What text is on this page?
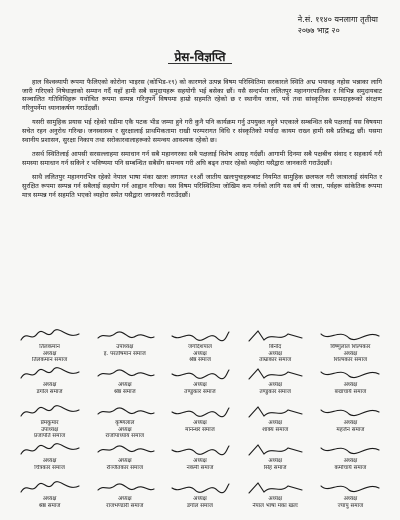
ने.सं. ११४० यनलागा तृतीया
२०७७ भाद्र २०
प्रेस-विज्ञप्ति

हाल विश्वव्यापी रूपमा फैलिएको कोरोना भाइरस (कोभिड-१९) को कारणले उत्पन्न विषम परिस्थितिमा सरकारले स्थिति अभ्र भयावह नहोस भन्नाका लागि जारी गरिएको निषेधाज्ञाको सम्मान गर्दै यहाँ हामी सबै समुदायहरू सहयोगी भई बसेका छौं। यसै सन्दर्भमा ललितपुर महानगरपालिका र विभिन्न समुदायबाट सञ्चालित गतिविधिहरू यथोचित रूपमा सम्पन्न गरिनुपर्ने विषयमा हाम्रो सहमति रहेको छ र स्थानीय जात्रा, पर्व तथा सांस्कृतिक सम्पदाहरूको संरक्षण गरिनुपर्नेमा ध्यानाकर्षण गराउँदछौं।

यसरी सामुहिक प्रयास भई रहेको घडीमा एकै पटक भीड जम्मा हुने गरी कुनै पनि कार्यक्रम गर्नु उपयुक्त नहुने भएकाले सम्बन्धित सबै पक्षलाई यस विषयमा सचेत रहन अनुरोध गरिन्छ। जनस्वास्थ्य र सुरक्षालाई प्राथमिकतामा राखी परम्परागत विधि र संस्कृतिको मर्यादा कायम राख्न हामी सबै प्रतिबद्ध छौं। यसमा स्थानीय प्रशासन, सुरक्षा निकाय तथा सरोकारवालाहरूको समन्वय आवश्यक रहेको छ।

तसर्थ स्थितिलाई आपसी सरसल्लाहमा समाधान गर्न सबै महानगरका सबै पक्षलाई विशेष आग्रह गर्दछौं। आगामी दिनमा सबै पक्षबीच संवाद र सहकार्य गरी समस्या समाधान गर्न सकिने र भविष्यमा पनि सम्बन्धित सबैसँग समन्वय गरी अघि बढ्न तयार रहेको व्यहोरा यसैद्वारा जानकारी गराउँदछौं।

साथै ललितपुर महानगरभित्र रहेको नेपाल भाषा मंका खःलः लगायत ११औं जातीय खलःपुचःहरूबाट नियमित सामुहिक छलफल गरी जात्रालाई संयमित र सुरक्षित रूपमा सम्पन्न गर्न सबैलाई सहयोग गर्न आह्वान गरिन्छ। यस विषम परिस्थितिमा जोखिम कम गर्नको लागि यस वर्ष यी जात्रा, पर्वहरू सांकेतिक रूपमा मात्र सम्पन्न गर्न सहमति भएको व्यहोरा समेत यसैद्वारा जानकारी गराउँदछौं।

तिलकमान
अध्यक्ष
तिलकमान समाज
उपाध्यक्ष
इ. परतोषमान समाज
जगदिशपाल
अध्यक्ष
श्रेष्ठ समाज
बिनोद
अध्यक्ष
ताम्राकार समाज
विष्णुलाल शिल्पकार
अध्यक्ष
शिल्पकार समाज
अध्यक्ष
डंगोल समाज
अध्यक्ष
श्रेष्ठ समाज
अध्यक्ष
तण्डुकार समाज
अध्यक्ष
तण्डुकार समाज
अध्यक्ष
बज्राचार्य समाज
प्रेमकुमार
उपाध्यक्ष
प्रजापति समाज
कृष्णलाल
अध्यक्ष
राजोपाध्याय समाज
अध्यक्ष
मानन्धर समाज
अध्यक्ष
शाक्य समाज
अध्यक्ष
महर्जन समाज
अध्यक्ष
चित्रकार समाज
अध्यक्ष
रञ्जितकार समाज
अध्यक्ष
नकर्मी समाज
अध्यक्ष
सिंह समाज
अध्यक्ष
कर्माचार्य समाज
अध्यक्ष
श्रेष्ठ समाज
अध्यक्ष
राजभण्डारी समाज
अध्यक्ष
डंगोल समाज
अध्यक्ष
नेपाल भाषा मंका खलः
अध्यक्ष
ज्यापु समाज
